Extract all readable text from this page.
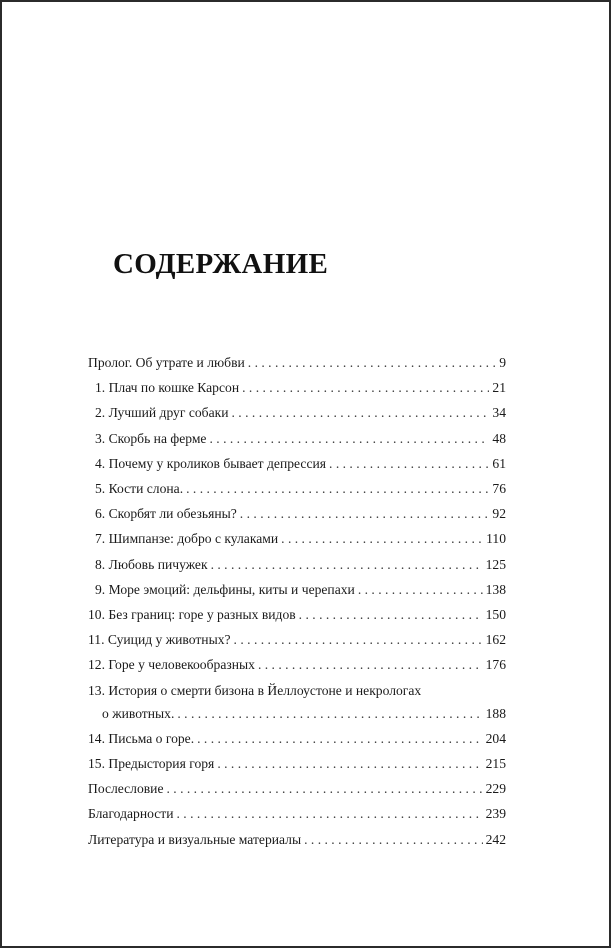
СОДЕРЖАНИЕ
Пролог. Об утрате и любви . . .	9
1. Плач по кошке Карсон . . .	21
2. Лучший друг собаки . . .	34
3. Скорбь на ферме . . .	48
4. Почему у кроликов бывает депрессия . . .	61
5. Кости слона. . . .	76
6. Скорбят ли обезьяны? . . .	92
7. Шимпанзе: добро с кулаками . . .	110
8. Любовь пичужек . . .	125
9. Море эмоций: дельфины, киты и черепахи . . .	138
10. Без границ: горе у разных видов . . .	150
11. Суицид у животных? . . .	162
12. Горе у человекообразных . . .	176
13. История о смерти бизона в Йеллоустоне и некрологах
о животных. . . .	188
14. Письма о горе. . . .	204
15. Предыстория горя . . .	215
Послесловие . . .	229
Благодарности . . .	239
Литература и визуальные материалы . . .	242
